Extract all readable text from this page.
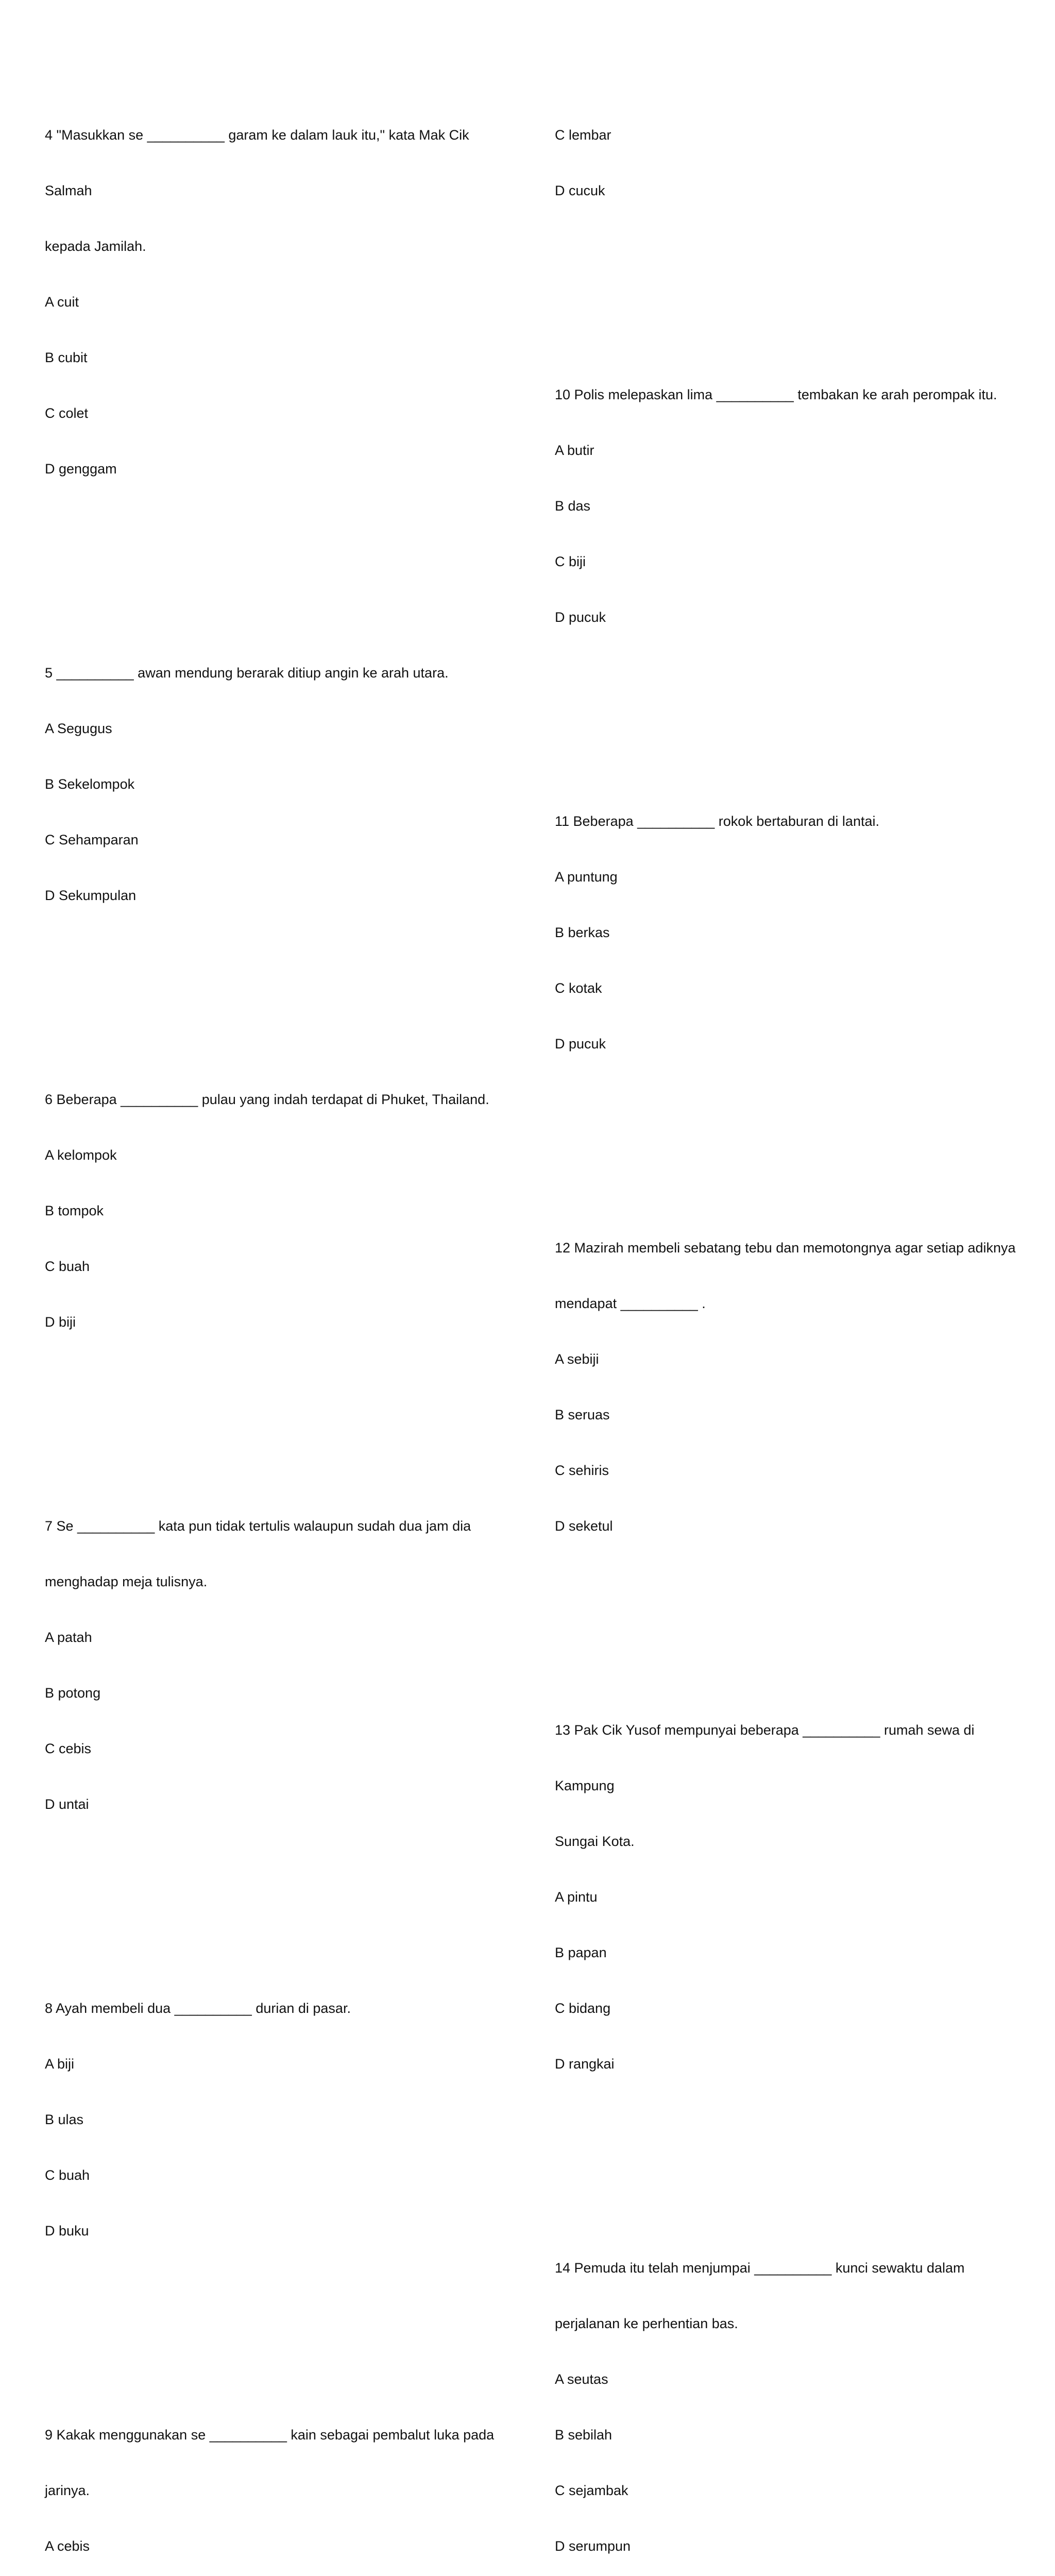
4 "Masukkan se __________ garam ke dalam lauk itu," kata Mak Cik

Salmah

kepada Jamilah.

A cuit

B cubit

C colet

D genggam

5 __________ awan mendung berarak ditiup angin ke arah utara.

A Segugus

B Sekelompok

C Sehamparan

D Sekumpulan

6 Beberapa __________ pulau yang indah terdapat di Phuket, Thailand.

A kelompok

B tompok

C buah

D biji

7 Se __________ kata pun tidak tertulis walaupun sudah dua jam dia

menghadap meja tulisnya.

A patah

B potong

C cebis

D untai

8 Ayah membeli dua __________ durian di pasar.

A biji

B ulas

C buah

D buku

9 Kakak menggunakan se __________ kain sebagai pembalut luka pada

jarinya.

A cebis

C lembar

D cucuk

10 Polis melepaskan lima __________ tembakan ke arah perompak itu.

A butir

B das

C biji

D pucuk

11 Beberapa __________ rokok bertaburan di lantai.

A puntung

B berkas

C kotak

D pucuk

12 Mazirah membeli sebatang tebu dan memotongnya agar setiap adiknya

mendapat __________ .

A sebiji

B seruas

C sehiris

D seketul

13 Pak Cik Yusof mempunyai beberapa __________ rumah sewa di

Kampung

Sungai Kota.

A pintu

B papan

C bidang

D rangkai

14 Pemuda itu telah menjumpai __________ kunci sewaktu dalam

perjalanan ke perhentian bas.

A seutas

B sebilah

C sejambak

D serumpun
